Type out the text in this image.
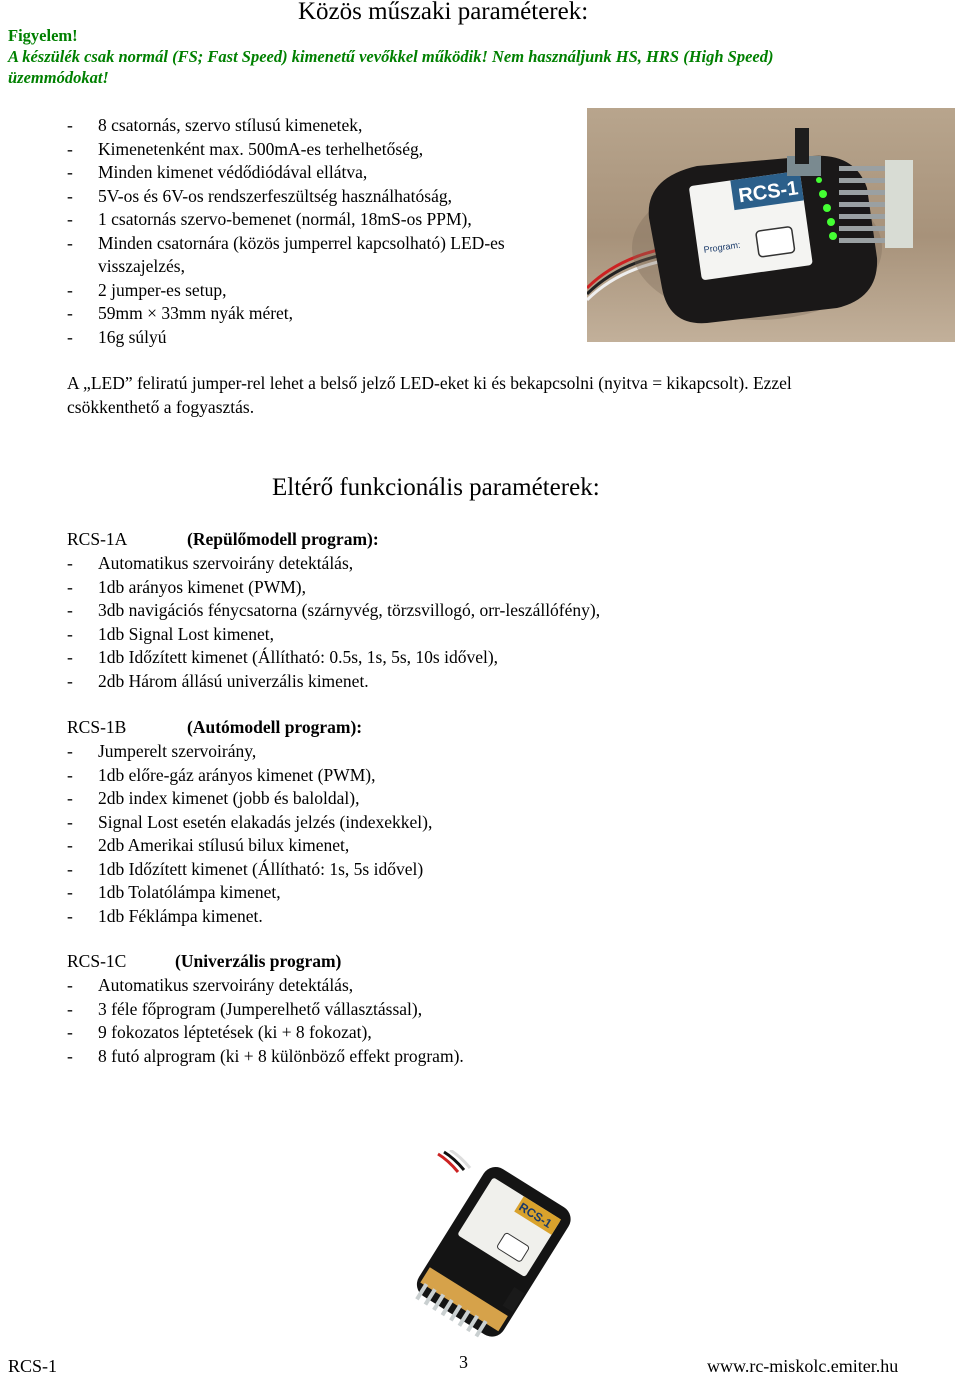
Közös műszaki paraméterek:
Figyelem!
A készülék csak normál (FS; Fast Speed) kimenetű vevőkkel működik! Nem használjunk HS, HRS (High Speed)
üzemmódokat!
- 8 csatornás, szervo stílusú kimenetek,
- Kimenetenként max. 500mA-es terhelhetőség,
- Minden kimenet védődiódával ellátva,
- 5V-os és 6V-os rendszerfeszültség használhatóság,
- 1 csatornás szervo-bemenet (normál, 18mS-os PPM),
- Minden csatornára (közös jumperrel kapcsolható) LED-es
visszajelzés,
- 2 jumper-es setup,
- 59mm × 33mm nyák méret,
- 16g súlyú
RCS-1
Program:
A „LED” feliratú jumper-rel lehet a belső jelző LED-eket ki és bekapcsolni (nyitva = kikapcsolt). Ezzel
csökkenthető a fogyasztás.
Eltérő funkcionális paraméterek:
RCS-1A	(Repülőmodell program):
- Automatikus szervoirány detektálás,
- 1db arányos kimenet (PWM),
- 3db navigációs fénycsatorna (szárnyvég, törzsvillogó, orr-leszállófény),
- 1db Signal Lost kimenet,
- 1db Időzített kimenet (Állítható: 0.5s, 1s, 5s, 10s idővel),
- 2db Három állású univerzális kimenet.
RCS-1B	(Autómodell program):
- Jumperelt szervoirány,
- 1db előre-gáz arányos kimenet (PWM),
- 2db index kimenet (jobb és baloldal),
- Signal Lost esetén elakadás jelzés (indexekkel),
- 2db Amerikai stílusú bilux kimenet,
- 1db Időzített kimenet (Állítható: 1s, 5s idővel)
- 1db Tolatólámpa kimenet,
- 1db Féklámpa kimenet.
RCS-1C	(Univerzális program)
- Automatikus szervoirány detektálás,
- 3 féle főprogram (Jumperelhető vállasztással),
- 9 fokozatos léptetések (ki + 8 fokozat),
- 8 futó alprogram (ki + 8 különböző effekt program).
RCS-1
RCS-1	3	www.rc-miskolc.emiter.hu
